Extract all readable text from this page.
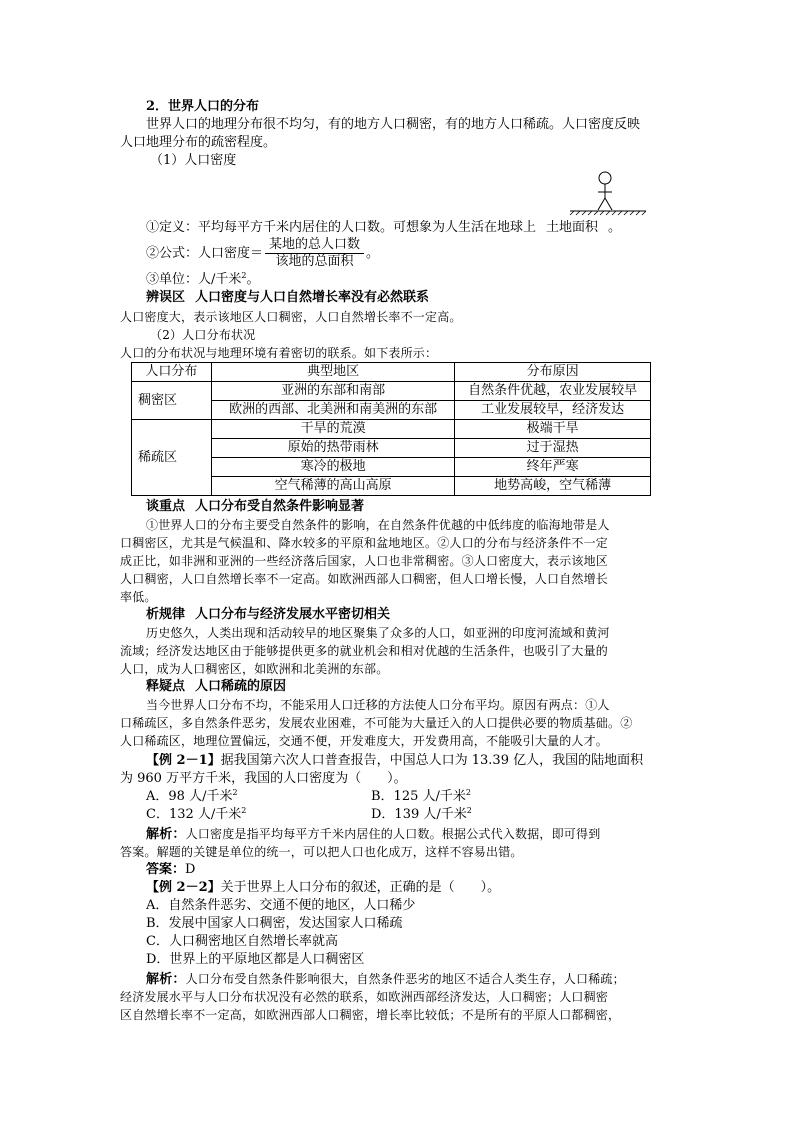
2．世界人口的分布
世界人口的地理分布很不均匀，有的地方人口稠密，有的地方人口稀疏。人口密度反映
人口地理分布的疏密程度。
（1）人口密度
①定义：平均每平方千米内居住的人口数。可想象为人生活在地球上 土地面积 。
②公式：人口密度＝ $\frac{\text{某地的总人口数}}{\text{该地的总面积}}$ 。
③单位：人/千米$^2$。
辨误区 人口密度与人口自然增长率没有必然联系
人口密度大，表示该地区人口稠密，人口自然增长率不一定高。
（2）人口分布状况
人口的分布状况与地理环境有着密切的联系。如下表所示：
人口分布	典型地区	分布原因
稠密区	亚洲的东部和南部	自然条件优越，农业发展较早
	欧洲的西部、北美洲和南美洲的东部	工业发展较早，经济发达
稀疏区	干旱的荒漠	极端干旱
	原始的热带雨林	过于湿热
	寒冷的极地	终年严寒
	空气稀薄的高山高原	地势高峻，空气稀薄
谈重点 人口分布受自然条件影响显著
①世界人口的分布主要受自然条件的影响，在自然条件优越的中低纬度的临海地带是人
口稠密区，尤其是气候温和、降水较多的平原和盆地地区。②人口的分布与经济条件不一定
成正比，如非洲和亚洲的一些经济落后国家，人口也非常稠密。③人口密度大，表示该地区
人口稠密，人口自然增长率不一定高。如欧洲西部人口稠密，但人口增长慢，人口自然增长
率低。
析规律 人口分布与经济发展水平密切相关
历史悠久，人类出现和活动较早的地区聚集了众多的人口，如亚洲的印度河流域和黄河
流域；经济发达地区由于能够提供更多的就业机会和相对优越的生活条件，也吸引了大量的
人口，成为人口稠密区，如欧洲和北美洲的东部。
释疑点 人口稀疏的原因
当今世界人口分布不均，不能采用人口迁移的方法使人口分布平均。原因有两点：①人
口稀疏区，多自然条件恶劣，发展农业困难，不可能为大量迁入的人口提供必要的物质基础。②
人口稀疏区，地理位置偏远，交通不便，开发难度大，开发费用高，不能吸引大量的人才。
【例 2－1】据我国第六次人口普查报告，中国总人口为 13.39 亿人，我国的陆地面积
为 960 万平方千米，我国的人口密度为（　　）。
A．98 人/千米$^2$	B．125 人/千米$^2$
C．132 人/千米$^2$	D．139 人/千米$^2$
解析：人口密度是指平均每平方千米内居住的人口数。根据公式代入数据，即可得到
答案。解题的关键是单位的统一，可以把人口也化成万，这样不容易出错。
答案：D
【例 2－2】关于世界上人口分布的叙述，正确的是（　　）。
A．自然条件恶劣、交通不便的地区，人口稀少
B．发展中国家人口稠密，发达国家人口稀疏
C．人口稠密地区自然增长率就高
D．世界上的平原地区都是人口稠密区
解析：人口分布受自然条件影响很大，自然条件恶劣的地区不适合人类生存，人口稀疏；
经济发展水平与人口分布状况没有必然的联系，如欧洲西部经济发达，人口稠密；人口稠密
区自然增长率不一定高，如欧洲西部人口稠密，增长率比较低；不是所有的平原人口都稠密，
